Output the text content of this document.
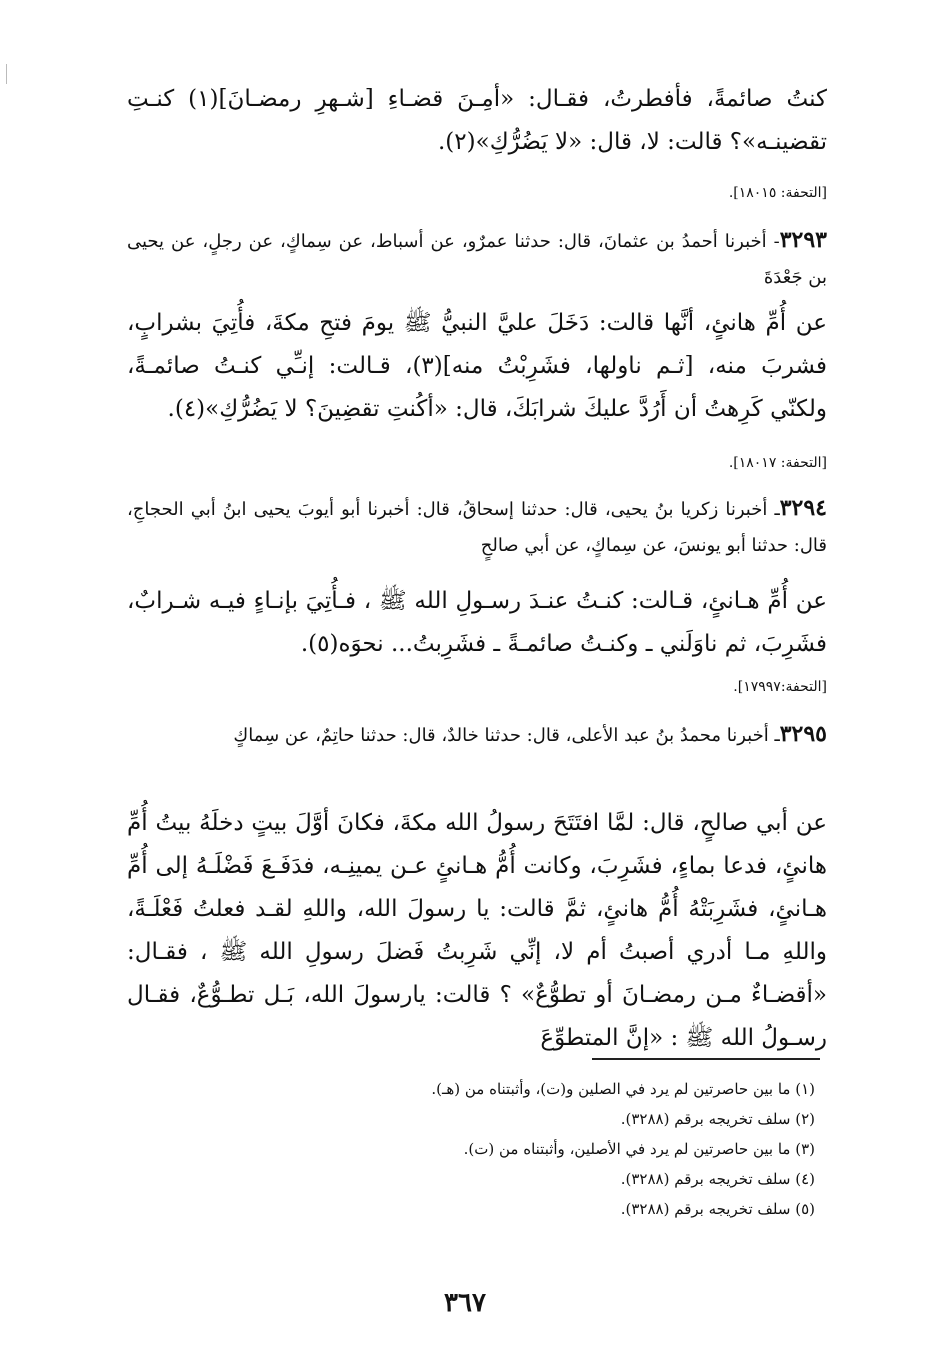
كنتُ صائمةً، فأفطرتُ، فقـال: «أمِـنَ قضـاءِ [شـهرِ رمضـانَ](١) كنـتِ تقضينـه»؟ قالت: لا، قال: «لا يَضُرُّكِ»(٢).
[التحفة: ١٨٠١٥].
٣٢٩٣- أخبرنا أحمدُ بن عثمانَ، قال: حدثنا عمرٌو، عن أسباط، عن سِماكٍ، عن رجلٍ، عن يحيى بن جَعْدَةَ
عن أُمِّ هانئٍ، أنَّها قالت: دَخَلَ عليَّ النبيُّ ﷺ يومَ فتحِ مكةَ، فأُتِيَ بشرابٍ، فشربَ منه، [ثـم ناولها، فشَرِبْتُ منه](٣)، قـالت: إنـِّي كنـتُ صائمـةً، ولكنّي كَرِهتُ أن أَرُدَّ عليكَ شرابَكَ، قال: «أكُنتِ تقضِينَ؟ لا يَضُرُّكِ»(٤).
[التحفة: ١٨٠١٧].
٣٢٩٤ـ أخبرنا زكريا بنُ يحيى، قال: حدثنا إسحاقُ، قال: أخبرنا أبو أيوبَ يحيى ابنُ أبي الحجاجِ، قال: حدثنا أبو يونسَ، عن سِماكٍ، عن أبي صالحٍ
عن أُمِّ هـانئٍ، قـالت: كنـتُ عنـدَ رسـولِ الله ﷺ ، فـأُتِيَ بإنـاءٍ فيـه شـرابٌ، فشَرِبَ، ثم ناوَلَني ـ وكنـتُ صائمـةً ـ فشَرِبتُ... نحوَه(٥).
[التحفة:١٧٩٩٧].
٣٢٩٥ـ أخبرنا محمدُ بنُ عبد الأعلى، قال: حدثنا خالدٌ، قال: حدثنا حاتِمٌ، عن سِماكٍ
عن أبي صالحٍ، قال: لمَّا افتَتَحَ رسولُ الله مكةَ، فكانَ أوَّلَ بيتٍ دخلَهُ بيتُ أُمِّ هانئٍ، فدعا بماءٍ، فشَرِبَ، وكانت أُمُّ هـانئٍ عـن يمينِـه، فدَفَـعَ فَضْلَـهُ إلى أُمِّ هـانئٍ، فشَرِبَتْهُ أُمُّ هانئٍ، ثمَّ قالت: يا رسولَ الله، واللهِ لقـد فعلتُ فَعْلَـةً، واللهِ مـا أدري أصبتُ أم لا، إنِّي شَرِبتُ فَضلَ رسولِ الله ﷺ ، فقـال: «أقضـاءٌ مـن رمضـانَ أو تطوُّعٌ» ؟ قالت: يارسولَ الله، بَـل تطـوُّعٌ، فقـال رسـولُ الله ﷺ : «إنَّ المتطوِّعَ
(١) ما بين حاصرتين لم يرد في الصلين و(ت)، وأثبتناه من (هـ).
(٢) سلف تخريجه برقم (٣٢٨٨).
(٣) ما بين حاصرتين لم يرد في الأصلين، وأثبتناه من (ت).
(٤) سلف تخريجه برقم (٣٢٨٨).
(٥) سلف تخريجه برقم (٣٢٨٨).
٣٦٧
